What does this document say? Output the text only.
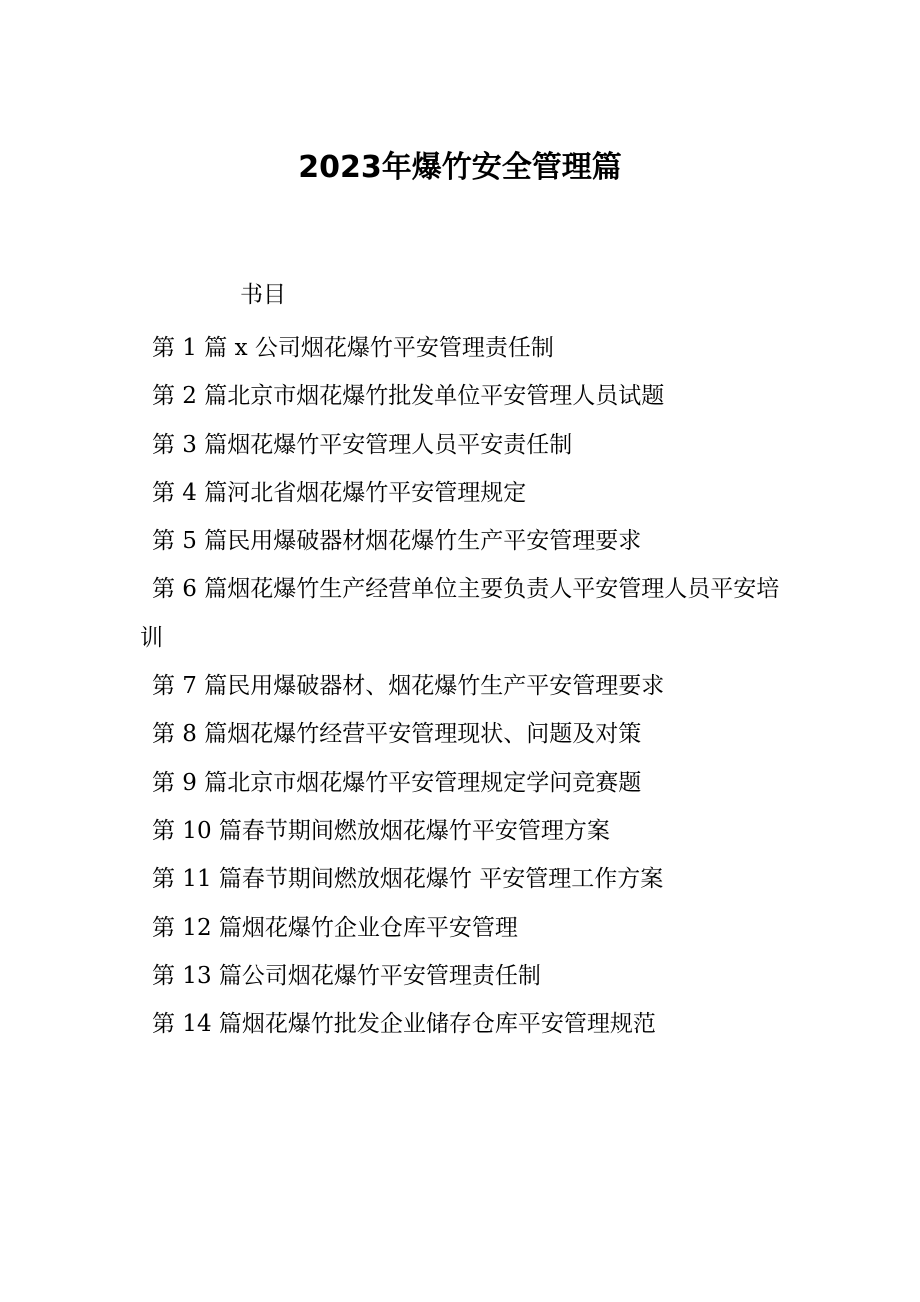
2023年爆竹安全管理篇

书目

第 1 篇 x 公司烟花爆竹平安管理责任制
第 2 篇北京市烟花爆竹批发单位平安管理人员试题
第 3 篇烟花爆竹平安管理人员平安责任制
第 4 篇河北省烟花爆竹平安管理规定
第 5 篇民用爆破器材烟花爆竹生产平安管理要求
第 6 篇烟花爆竹生产经营单位主要负责人平安管理人员平安培训
第 7 篇民用爆破器材、烟花爆竹生产平安管理要求
第 8 篇烟花爆竹经营平安管理现状、问题及对策
第 9 篇北京市烟花爆竹平安管理规定学问竞赛题
第 10 篇春节期间燃放烟花爆竹平安管理方案
第 11 篇春节期间燃放烟花爆竹 平安管理工作方案
第 12 篇烟花爆竹企业仓库平安管理
第 13 篇公司烟花爆竹平安管理责任制
第 14 篇烟花爆竹批发企业储存仓库平安管理规范
